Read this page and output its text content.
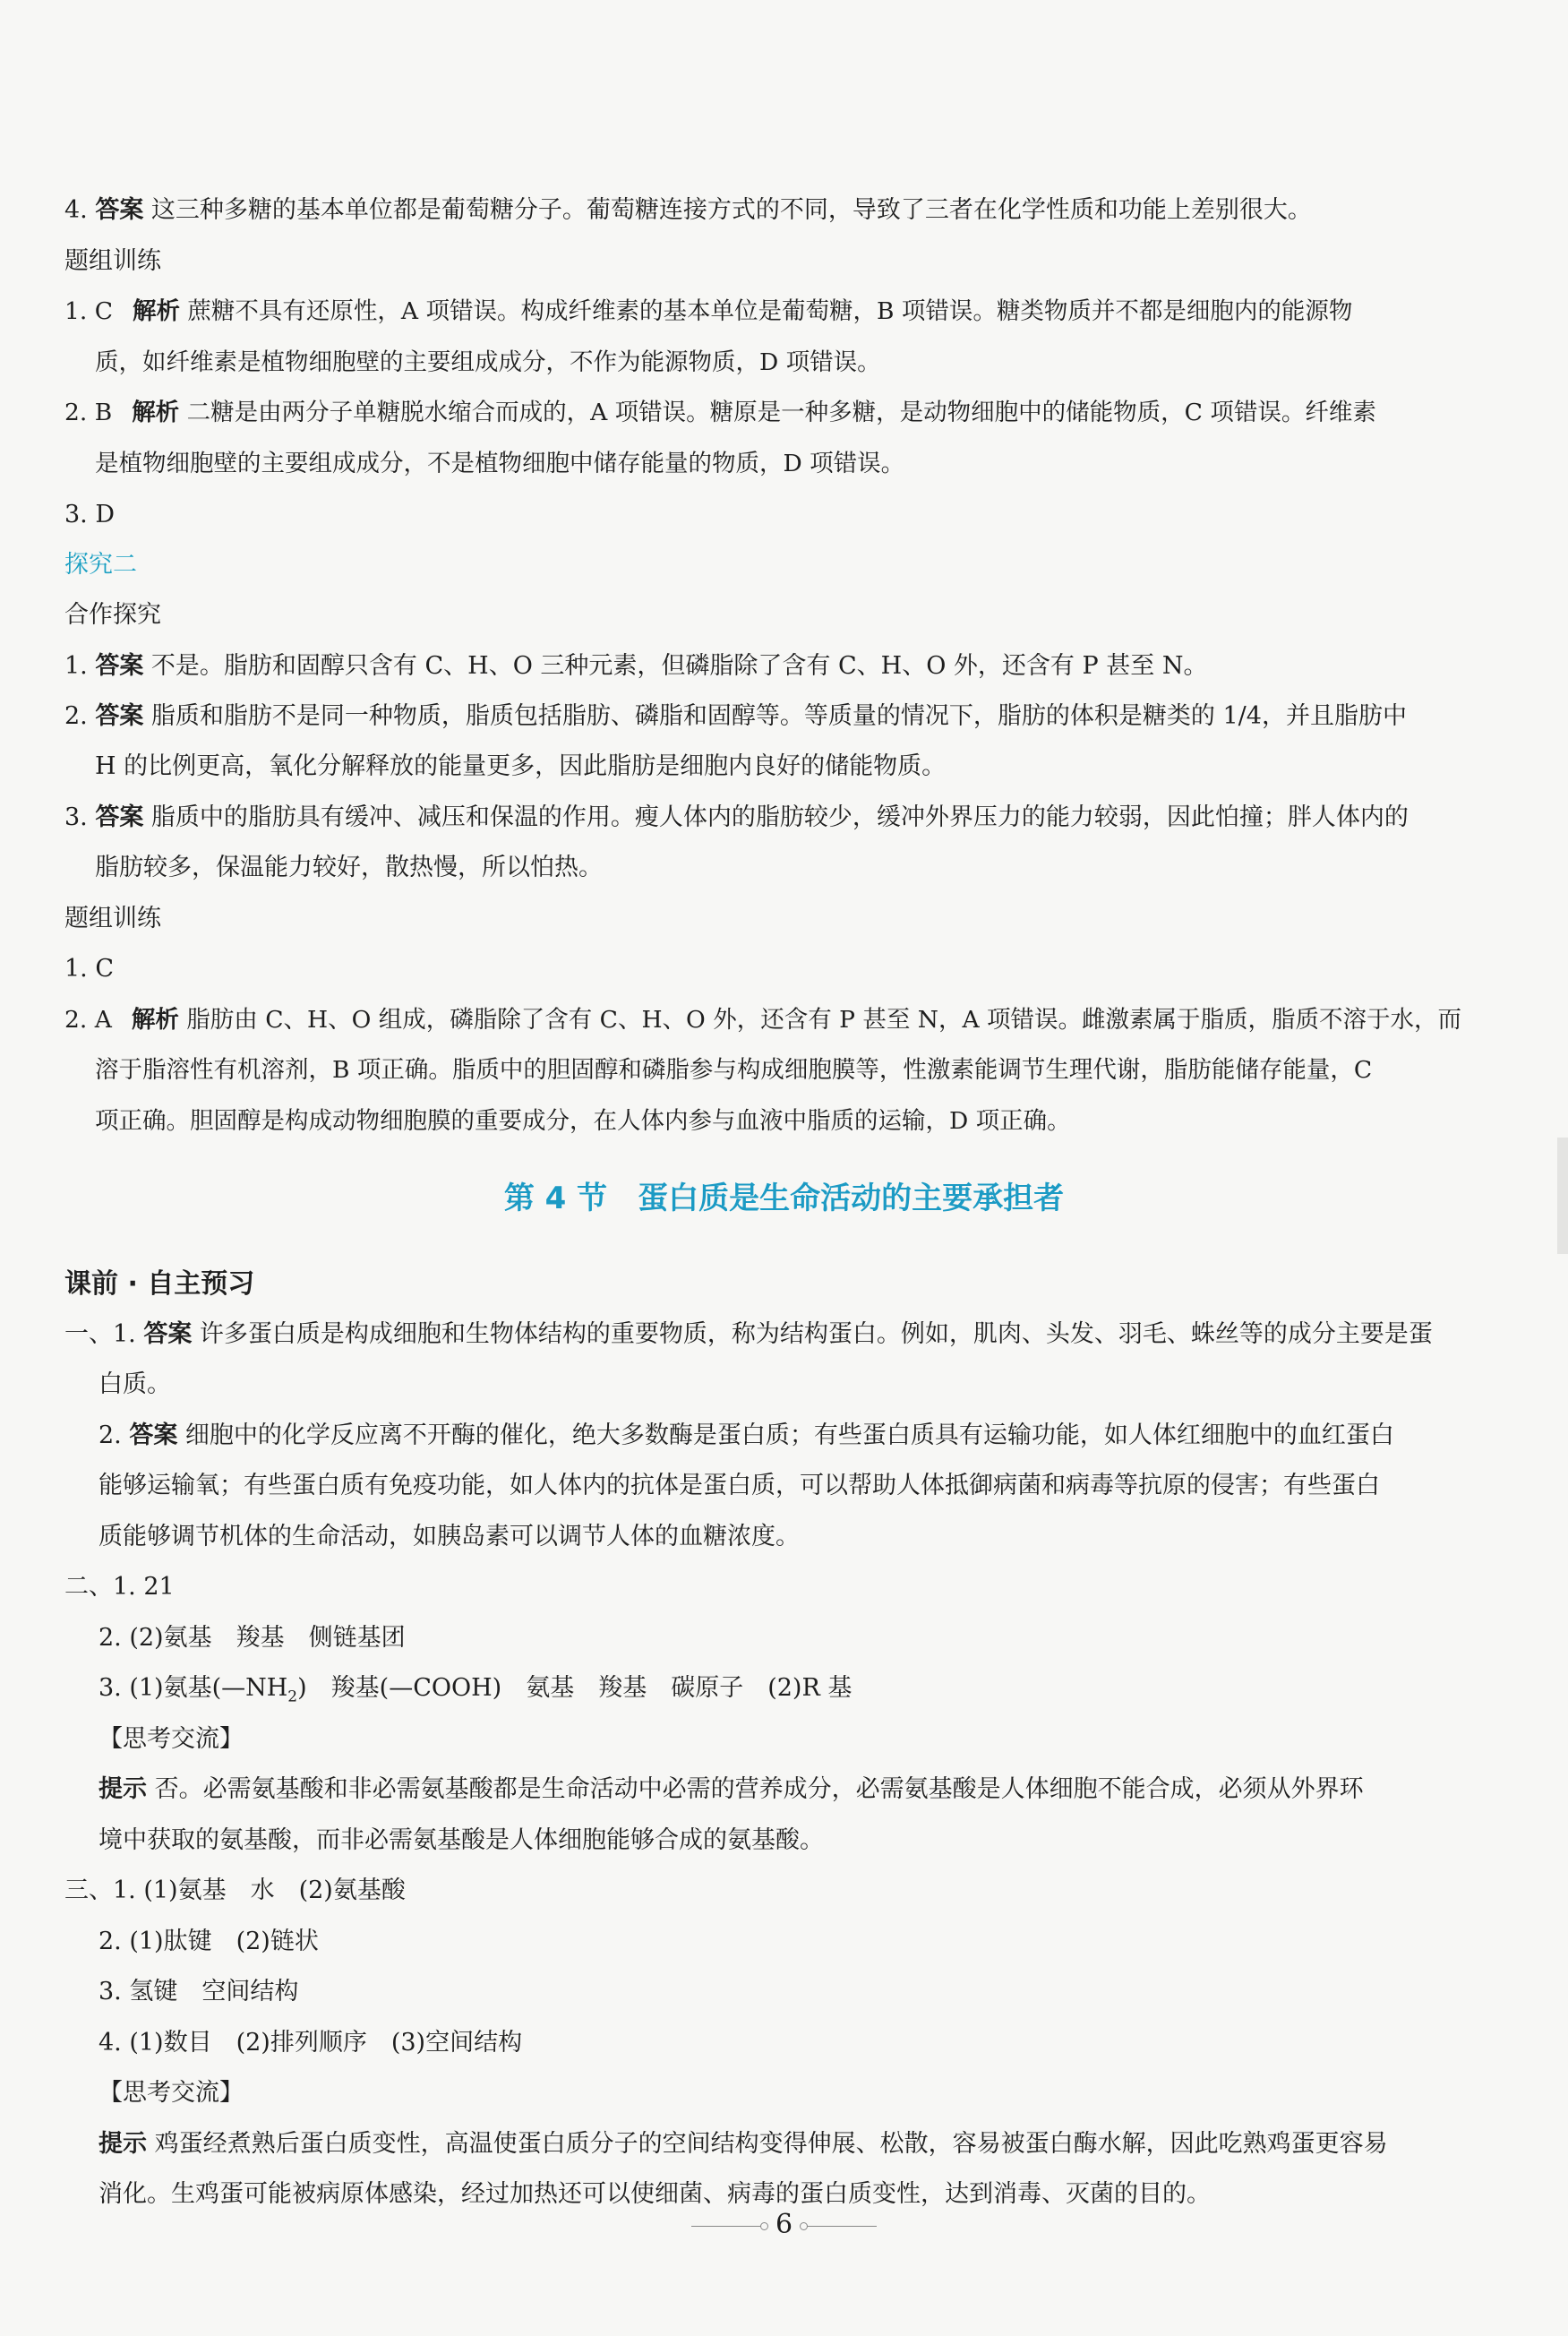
4. 答案 这三种多糖的基本单位都是葡萄糖分子。葡萄糖连接方式的不同，导致了三者在化学性质和功能上差别很大。
题组训练
1. C 解析 蔗糖不具有还原性，A 项错误。构成纤维素的基本单位是葡萄糖，B 项错误。糖类物质并不都是细胞内的能源物
质，如纤维素是植物细胞壁的主要组成成分，不作为能源物质，D 项错误。
2. B 解析 二糖是由两分子单糖脱水缩合而成的，A 项错误。糖原是一种多糖，是动物细胞中的储能物质，C 项错误。纤维素
是植物细胞壁的主要组成成分，不是植物细胞中储存能量的物质，D 项错误。
3. D
探究二
合作探究
1. 答案 不是。脂肪和固醇只含有 C、H、O 三种元素，但磷脂除了含有 C、H、O 外，还含有 P 甚至 N。
2. 答案 脂质和脂肪不是同一种物质，脂质包括脂肪、磷脂和固醇等。等质量的情况下，脂肪的体积是糖类的 1/4，并且脂肪中
H 的比例更高，氧化分解释放的能量更多，因此脂肪是细胞内良好的储能物质。
3. 答案 脂质中的脂肪具有缓冲、减压和保温的作用。瘦人体内的脂肪较少，缓冲外界压力的能力较弱，因此怕撞；胖人体内的
脂肪较多，保温能力较好，散热慢，所以怕热。
题组训练
1. C
2. A 解析 脂肪由 C、H、O 组成，磷脂除了含有 C、H、O 外，还含有 P 甚至 N，A 项错误。雌激素属于脂质，脂质不溶于水，而
溶于脂溶性有机溶剂，B 项正确。脂质中的胆固醇和磷脂参与构成细胞膜等，性激素能调节生理代谢，脂肪能储存能量，C
项正确。胆固醇是构成动物细胞膜的重要成分，在人体内参与血液中脂质的运输，D 项正确。
第 4 节　蛋白质是生命活动的主要承担者
课前 · 自主预习
一、1. 答案 许多蛋白质是构成细胞和生物体结构的重要物质，称为结构蛋白。例如，肌肉、头发、羽毛、蛛丝等的成分主要是蛋
白质。
2. 答案 细胞中的化学反应离不开酶的催化，绝大多数酶是蛋白质；有些蛋白质具有运输功能，如人体红细胞中的血红蛋白
能够运输氧；有些蛋白质有免疫功能，如人体内的抗体是蛋白质，可以帮助人体抵御病菌和病毒等抗原的侵害；有些蛋白
质能够调节机体的生命活动，如胰岛素可以调节人体的血糖浓度。
二、1. 21
2. (2)氨基　羧基　侧链基团
3. (1)氨基$(—NH_2)$　羧基(—COOH)　氨基　羧基　碳原子　(2)R 基
【思考交流】
提示 否。必需氨基酸和非必需氨基酸都是生命活动中必需的营养成分，必需氨基酸是人体细胞不能合成，必须从外界环
境中获取的氨基酸，而非必需氨基酸是人体细胞能够合成的氨基酸。
三、1. (1)氨基　水　(2)氨基酸
2. (1)肽键　(2)链状
3. 氢键　空间结构
4. (1)数目　(2)排列顺序　(3)空间结构
【思考交流】
提示 鸡蛋经煮熟后蛋白质变性，高温使蛋白质分子的空间结构变得伸展、松散，容易被蛋白酶水解，因此吃熟鸡蛋更容易
消化。生鸡蛋可能被病原体感染，经过加热还可以使细菌、病毒的蛋白质变性，达到消毒、灭菌的目的。
6
